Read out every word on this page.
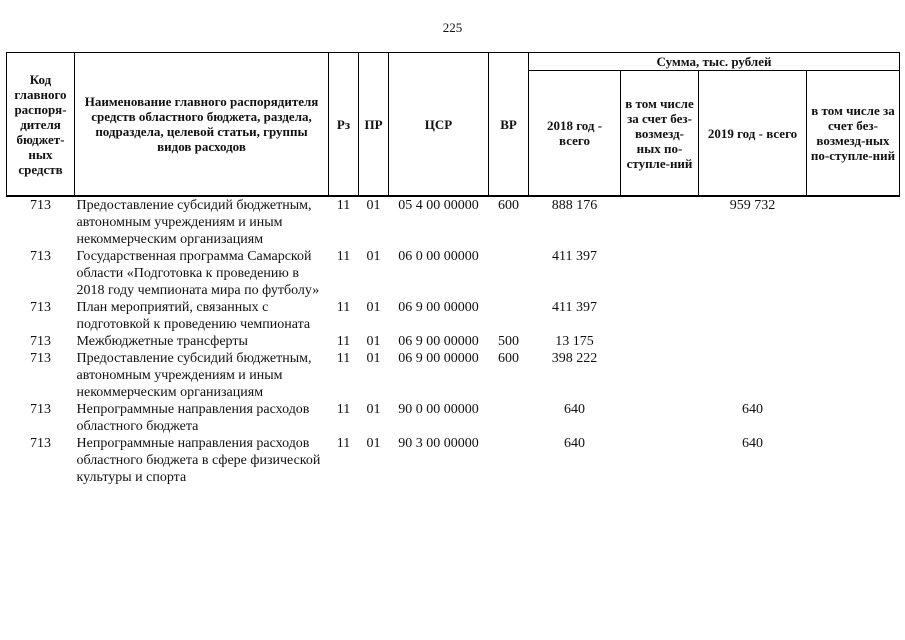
225
Код главного распоря-дителя бюджет-ных средств	Наименование главного распорядителя средств областного бюджета, раздела, подраздела, целевой статьи, группы видов расходов	Рз	ПР	ЦСР	ВР	Сумма, тыс. рублей			
						2018 год - всего	в том числе за счет без-возмезд-ных по-ступле-ний	2019 год - всего	в том числе за счет без-возмезд-ных по-ступле-ний
713	Предоставление субсидий бюджетным, автономным учреждениям и иным некоммерческим организациям	11	01	05 4 00 00000	600	888 176		959 732	
713	Государственная программа Самарской области «Подготовка к проведению в 2018 году чемпионата мира по футболу»	11	01	06 0 00 00000		411 397			
713	План мероприятий, связанных с подготовкой к проведению чемпионата	11	01	06 9 00 00000		411 397			
713	Межбюджетные трансферты	11	01	06 9 00 00000	500	13 175			
713	Предоставление субсидий бюджетным, автономным учреждениям и иным некоммерческим организациям	11	01	06 9 00 00000	600	398 222			
713	Непрограммные направления расходов областного бюджета	11	01	90 0 00 00000		640		640	
713	Непрограммные направления расходов областного бюджета в сфере физической культуры и спорта	11	01	90 3 00 00000		640		640	
